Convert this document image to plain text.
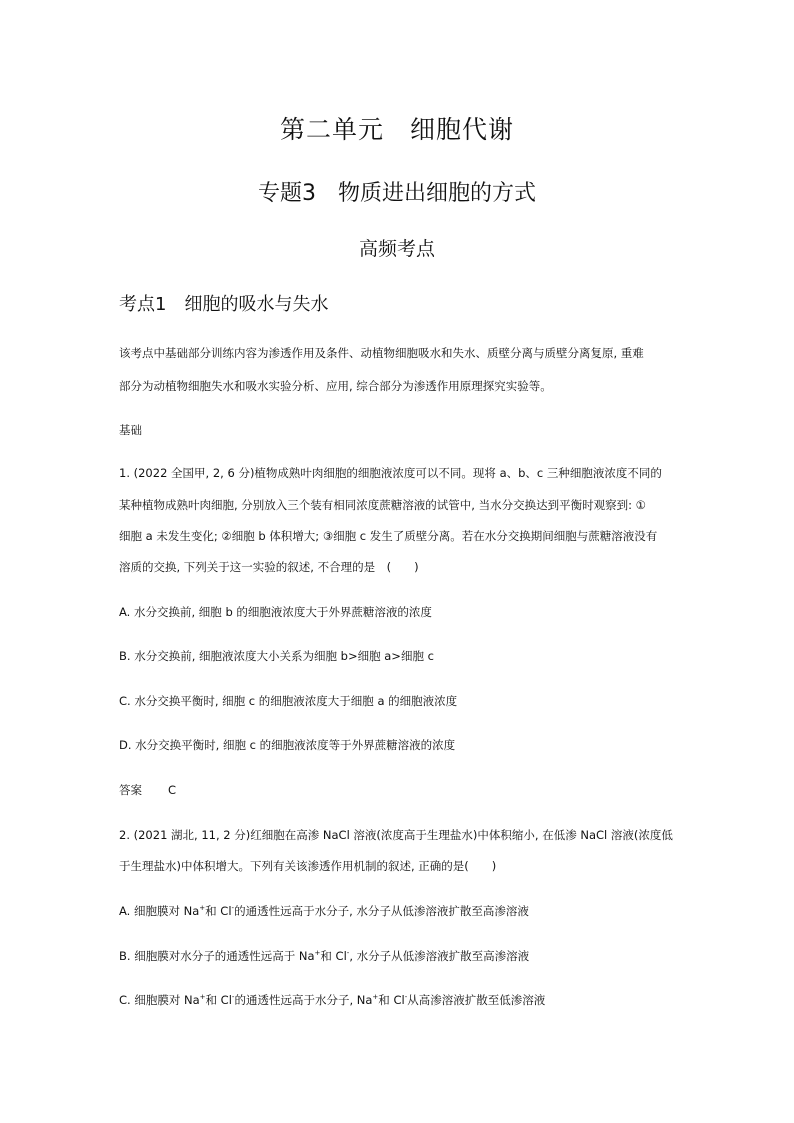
第二单元　细胞代谢
专题3　物质进出细胞的方式
高频考点
考点1　细胞的吸水与失水
该考点中基础部分训练内容为渗透作用及条件、动植物细胞吸水和失水、质壁分离与质壁分离复原, 重难
部分为动植物细胞失水和吸水实验分析、应用, 综合部分为渗透作用原理探究实验等。
基础
1. (2022 全国甲, 2, 6 分)植物成熟叶肉细胞的细胞液浓度可以不同。现将 a、b、c 三种细胞液浓度不同的
某种植物成熟叶肉细胞, 分别放入三个装有相同浓度蔗糖溶液的试管中, 当水分交换达到平衡时观察到: ①
细胞 a 未发生变化; ②细胞 b 体积增大; ③细胞 c 发生了质壁分离。若在水分交换期间细胞与蔗糖溶液没有
溶质的交换, 下列关于这一实验的叙述, 不合理的是　(　　)
A. 水分交换前, 细胞 b 的细胞液浓度大于外界蔗糖溶液的浓度
B. 水分交换前, 细胞液浓度大小关系为细胞 b>细胞 a>细胞 c
C. 水分交换平衡时, 细胞 c 的细胞液浓度大于细胞 a 的细胞液浓度
D. 水分交换平衡时, 细胞 c 的细胞液浓度等于外界蔗糖溶液的浓度
答案 C
2. (2021 湖北, 11, 2 分)红细胞在高渗 NaCl 溶液(浓度高于生理盐水)中体积缩小, 在低渗 NaCl 溶液(浓度低
于生理盐水)中体积增大。下列有关该渗透作用机制的叙述, 正确的是(　　)
A. 细胞膜对 Na+和 Cl-的通透性远高于水分子, 水分子从低渗溶液扩散至高渗溶液
B. 细胞膜对水分子的通透性远高于 Na+和 Cl-, 水分子从低渗溶液扩散至高渗溶液
C. 细胞膜对 Na+和 Cl-的通透性远高于水分子, Na+和 Cl-从高渗溶液扩散至低渗溶液
